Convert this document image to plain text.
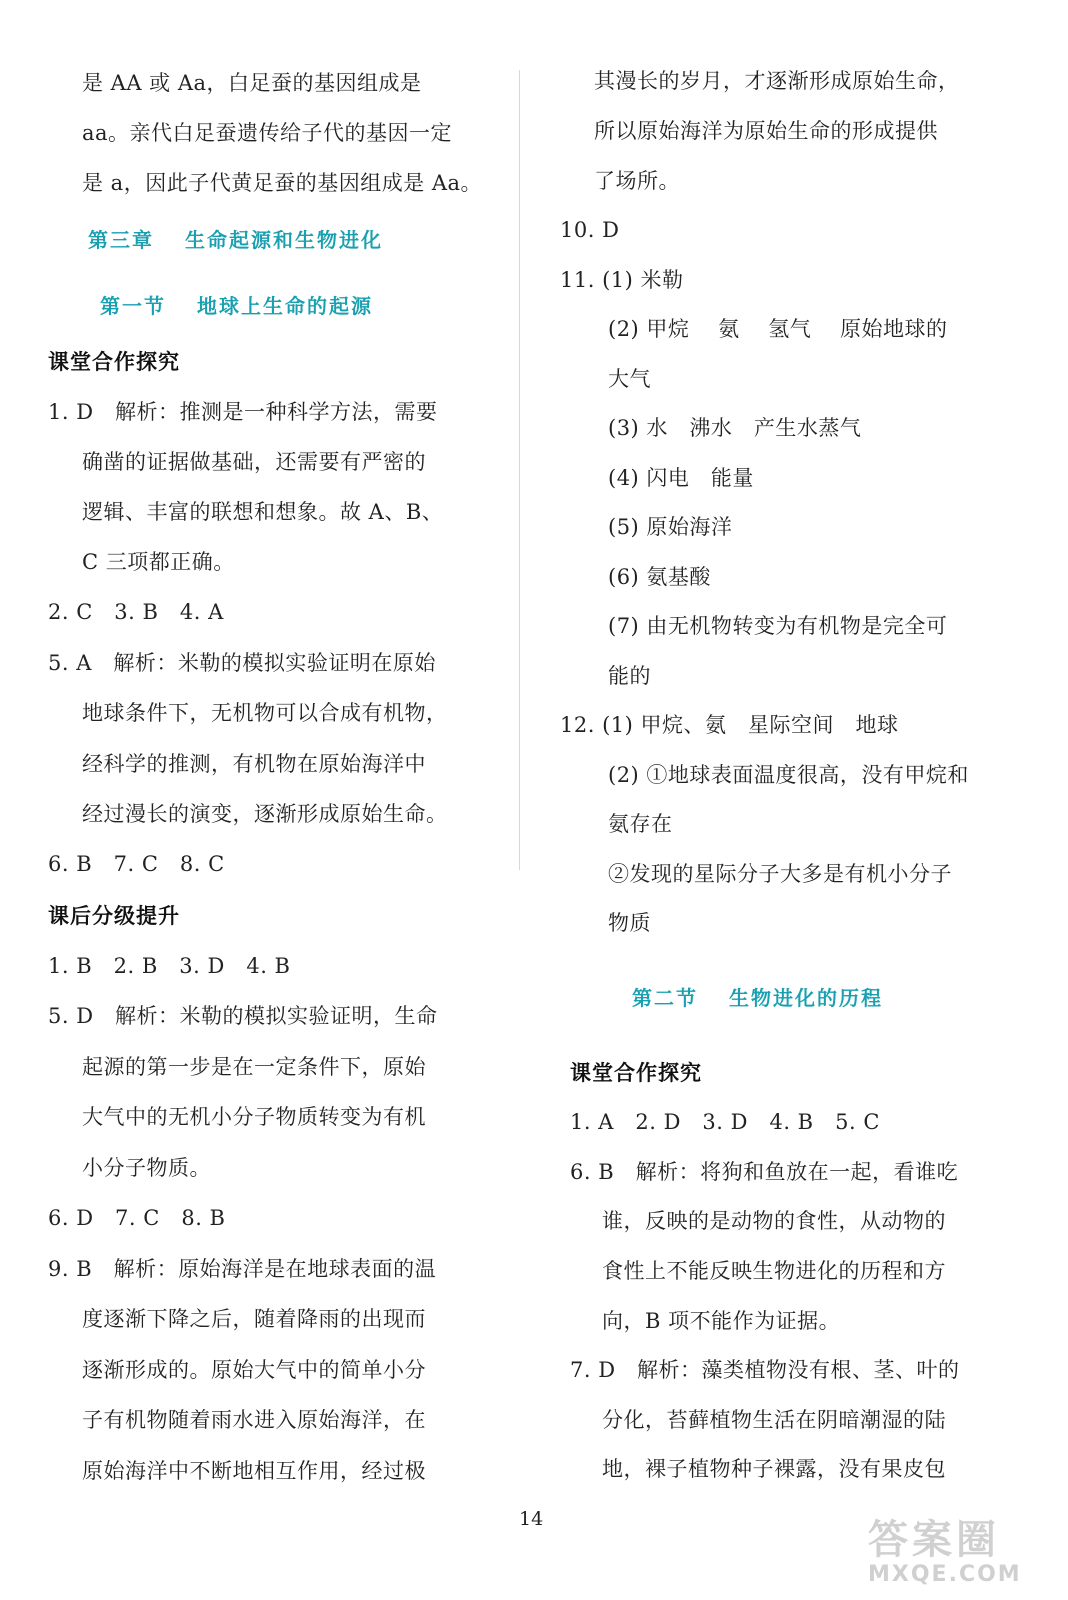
是 AA 或 Aa，白足蚕的基因组成是
aa。亲代白足蚕遗传给子代的基因一定
是 a，因此子代黄足蚕的基因组成是 Aa。
第三章　 生命起源和生物进化
第一节　 地球上生命的起源
课堂合作探究
1. D　解析：推测是一种科学方法，需要
确凿的证据做基础，还需要有严密的
逻辑、丰富的联想和想象。故 A、B、
C 三项都正确。
2. C　3. B　4. A
5. A　解析：米勒的模拟实验证明在原始
地球条件下，无机物可以合成有机物，
经科学的推测，有机物在原始海洋中
经过漫长的演变，逐渐形成原始生命。
6. B　7. C　8. C
课后分级提升
1. B　2. B　3. D　4. B
5. D　解析：米勒的模拟实验证明，生命
起源的第一步是在一定条件下，原始
大气中的无机小分子物质转变为有机
小分子物质。
6. D　7. C　8. B
9. B　解析：原始海洋是在地球表面的温
度逐渐下降之后，随着降雨的出现而
逐渐形成的。原始大气中的简单小分
子有机物随着雨水进入原始海洋，在
原始海洋中不断地相互作用，经过极
其漫长的岁月，才逐渐形成原始生命，
所以原始海洋为原始生命的形成提供
了场所。
10. D
11. (1) 米勒
(2) 甲烷　 氨　 氢气　 原始地球的
大气
(3) 水　沸水　产生水蒸气
(4) 闪电　能量
(5) 原始海洋
(6) 氨基酸
(7) 由无机物转变为有机物是完全可
能的
12. (1) 甲烷、氨　星际空间　地球
(2) ①地球表面温度很高，没有甲烷和
氨存在
②发现的星际分子大多是有机小分子
物质
第二节　 生物进化的历程
课堂合作探究
1. A　2. D　3. D　4. B　5. C
6. B　解析：将狗和鱼放在一起，看谁吃
谁，反映的是动物的食性，从动物的
食性上不能反映生物进化的历程和方
向，B 项不能作为证据。
7. D　解析：藻类植物没有根、茎、叶的
分化，苔藓植物生活在阴暗潮湿的陆
地，裸子植物种子裸露，没有果皮包
14	答案圈
MXQE.COM
